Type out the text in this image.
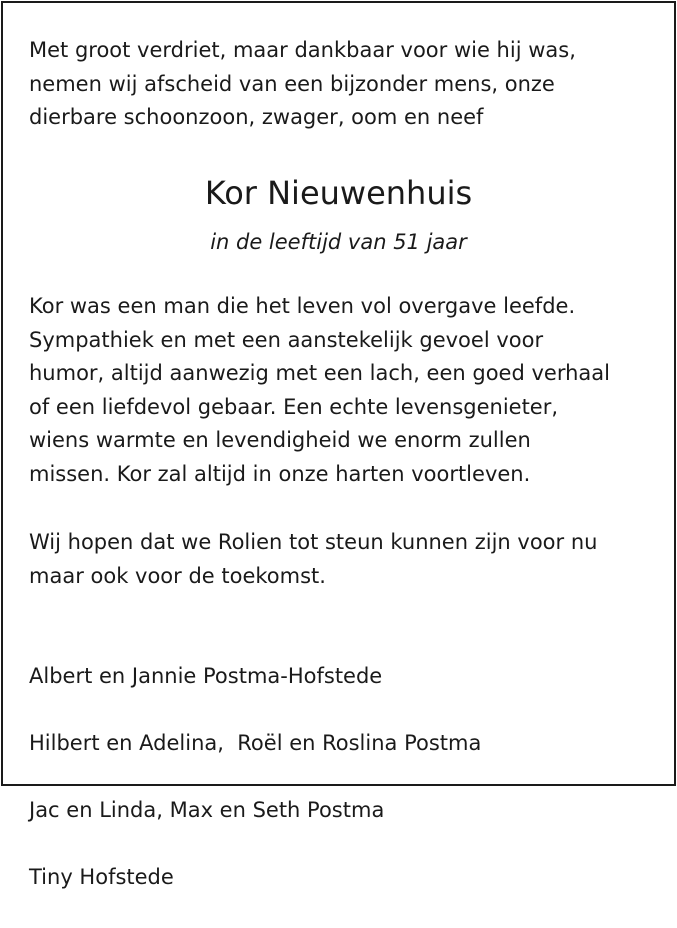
Met groot verdriet, maar dankbaar voor wie hij was,
nemen wij afscheid van een bijzonder mens, onze
dierbare schoonzoon, zwager, oom en neef

Kor Nieuwenhuis

in de leeftijd van 51 jaar

Kor was een man die het leven vol overgave leefde.
Sympathiek en met een aanstekelijk gevoel voor
humor, altijd aanwezig met een lach, een goed verhaal
of een liefdevol gebaar. Een echte levensgenieter,
wiens warmte en levendigheid we enorm zullen
missen. Kor zal altijd in onze harten voortleven.

Wij hopen dat we Rolien tot steun kunnen zijn voor nu
maar ook voor de toekomst.

Albert en Jannie Postma-Hofstede

Hilbert en Adelina,  Roël en Roslina Postma

Jac en Linda, Max en Seth Postma

Tiny Hofstede
